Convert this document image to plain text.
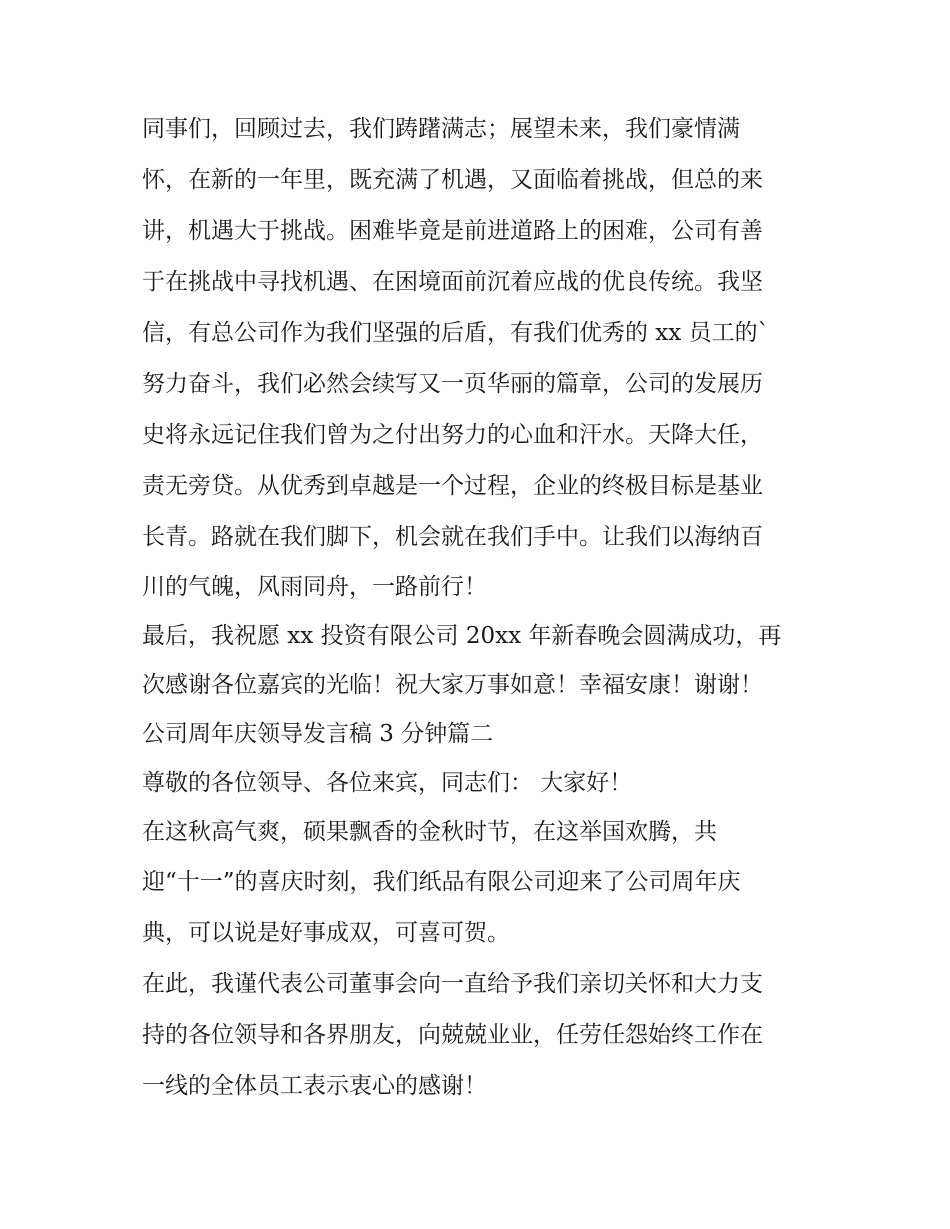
同事们，回顾过去，我们踌躇满志；展望未来，我们豪情满
怀，在新的一年里，既充满了机遇，又面临着挑战，但总的来
讲，机遇大于挑战。困难毕竟是前进道路上的困难，公司有善
于在挑战中寻找机遇、在困境面前沉着应战的优良传统。我坚
信，有总公司作为我们坚强的后盾，有我们优秀的 xx 员工的`
努力奋斗，我们必然会续写又一页华丽的篇章，公司的发展历
史将永远记住我们曾为之付出努力的心血和汗水。天降大任，
责无旁贷。从优秀到卓越是一个过程，企业的终极目标是基业
长青。路就在我们脚下，机会就在我们手中。让我们以海纳百
川的气魄，风雨同舟，一路前行！
最后，我祝愿 xx 投资有限公司 20xx 年新春晚会圆满成功，再
次感谢各位嘉宾的光临！祝大家万事如意！幸福安康！谢谢！
公司周年庆领导发言稿 3 分钟篇二
尊敬的各位领导、各位来宾，同志们： 大家好！
在这秋高气爽，硕果飘香的金秋时节，在这举国欢腾，共
迎“十一”的喜庆时刻，我们纸品有限公司迎来了公司周年庆
典，可以说是好事成双，可喜可贺。
在此，我谨代表公司董事会向一直给予我们亲切关怀和大力支
持的各位领导和各界朋友，向兢兢业业，任劳任怨始终工作在
一线的全体员工表示衷心的感谢！
